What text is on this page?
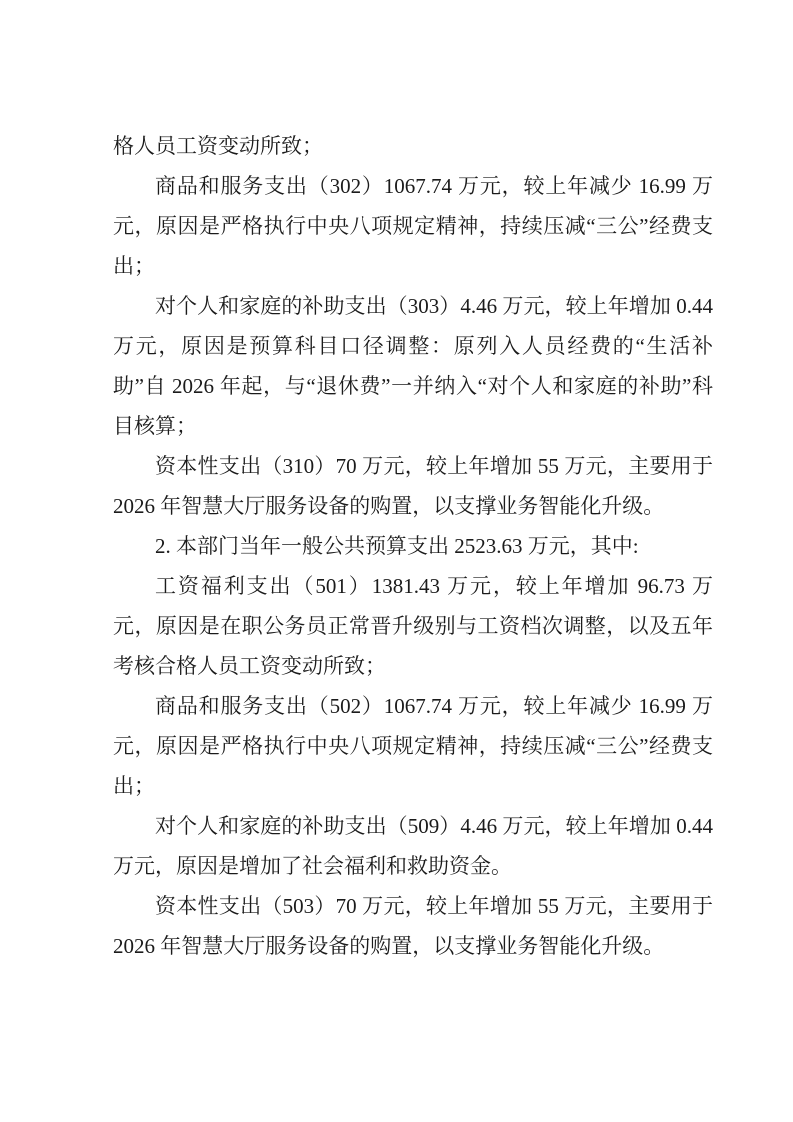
格人员工资变动所致；

商品和服务支出（302）1067.74 万元，较上年减少 16.99 万元，原因是严格执行中央八项规定精神，持续压减“三公”经费支出；

对个人和家庭的补助支出（303）4.46 万元，较上年增加 0.44 万元，原因是预算科目口径调整：原列入人员经费的“生活补助”自 2026 年起，与“退休费”一并纳入“对个人和家庭的补助”科目核算；

资本性支出（310）70 万元，较上年增加 55 万元，主要用于 2026 年智慧大厅服务设备的购置，以支撑业务智能化升级。

2. 本部门当年一般公共预算支出 2523.63 万元，其中:

工资福利支出（501）1381.43 万元，较上年增加 96.73 万元，原因是在职公务员正常晋升级别与工资档次调整，以及五年考核合格人员工资变动所致；

商品和服务支出（502）1067.74 万元，较上年减少 16.99 万元，原因是严格执行中央八项规定精神，持续压减“三公”经费支出；

对个人和家庭的补助支出（509）4.46 万元，较上年增加 0.44 万元，原因是增加了社会福利和救助资金。

资本性支出（503）70 万元，较上年增加 55 万元，主要用于 2026 年智慧大厅服务设备的购置，以支撑业务智能化升级。
